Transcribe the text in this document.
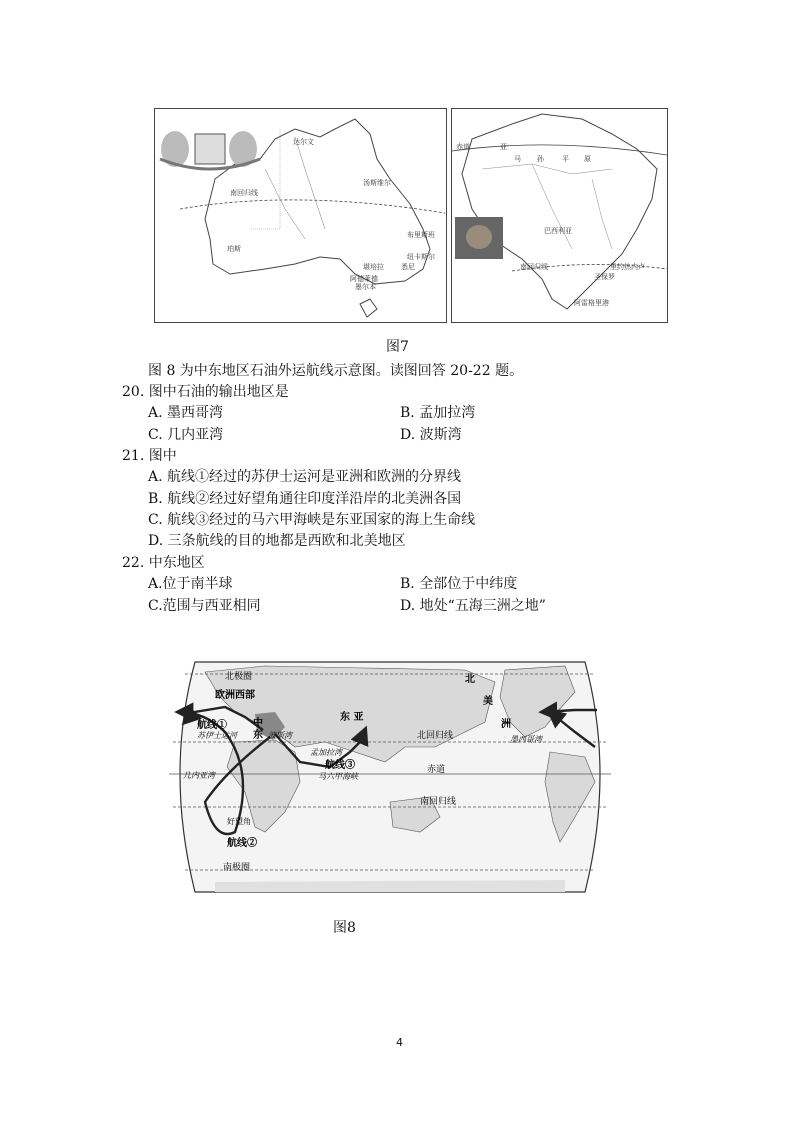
达尔文
汤斯维尔
布里斯班
珀斯
堪培拉
纽卡斯尔
悉尼
阿德莱德
墨尔本
南回归线
赤道	亚
马 孙	平 原
巴西利亚
里约热内卢
圣保罗
阿雷格里港
南回归线
图7
图 8 为中东地区石油外运航线示意图。读图回答 20-22 题。
20. 图中石油的输出地区是
A. 墨西哥湾	B. 孟加拉湾
C. 几内亚湾	D. 波斯湾
21. 图中
A. 航线①经过的苏伊士运河是亚洲和欧洲的分界线
B. 航线②经过好望角通往印度洋沿岸的北美洲各国
C. 航线③经过的马六甲海峡是东亚国家的海上生命线
D. 三条航线的目的地都是西欧和北美地区
22. 中东地区
A.位于南半球	B. 全部位于中纬度
C.范围与西亚相同	D. 地处“五海三洲之地”
北极圈
欧洲西部
航线①
苏伊士运河
中
东 波斯湾
东 亚
孟加拉湾
航线③
马六甲海峡
几内亚湾
好望角
航线②
南极圈
北回归线
赤道
南回归线
北
美
洲
墨西哥湾
图8
4
